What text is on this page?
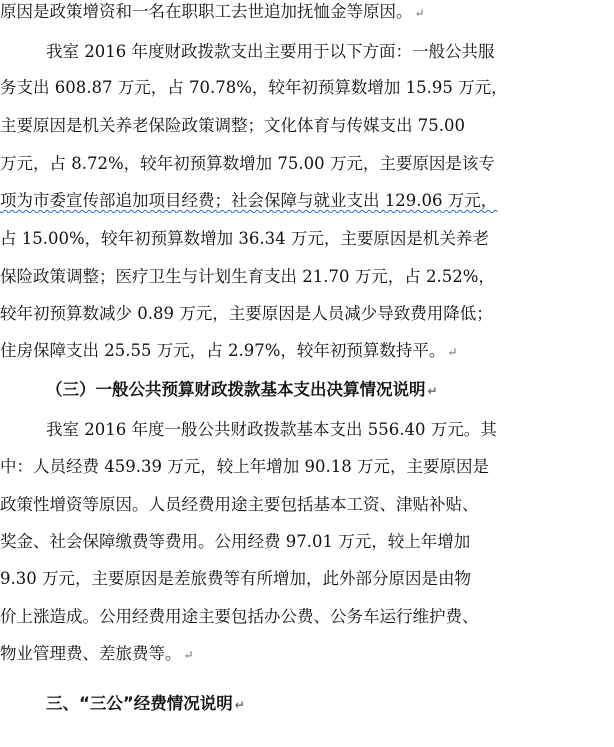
原因是政策增资和一名在职职工去世追加抚恤金等原因。 ↵
我室 2016 年度财政拨款支出主要用于以下方面：一般公共服
务支出 608.87 万元，占 70.78%，较年初预算数增加 15.95 万元，
主要原因是机关养老保险政策调整；文化体育与传媒支出 75.00
万元，占 8.72%，较年初预算数增加 75.00 万元，主要原因是该专
项为市委宣传部追加项目经费；社会保障与就业支出 129.06 万元，
占 15.00%，较年初预算数增加 36.34 万元，主要原因是机关养老
保险政策调整；医疗卫生与计划生育支出 21.70 万元，占 2.52%，
较年初预算数减少 0.89 万元，主要原因是人员减少导致费用降低；
住房保障支出 25.55 万元，占 2.97%，较年初预算数持平。 ↵
（三）一般公共预算财政拨款基本支出决算情况说明 ↵
我室 2016 年度一般公共财政拨款基本支出 556.40 万元。其
中：人员经费 459.39 万元，较上年增加 90.18 万元，主要原因是
政策性增资等原因。人员经费用途主要包括基本工资、津贴补贴、
奖金、社会保障缴费等费用。公用经费 97.01 万元，较上年增加
9.30 万元，主要原因是差旅费等有所增加，此外部分原因是由物
价上涨造成。公用经费用途主要包括办公费、公务车运行维护费、
物业管理费、差旅费等。 ↵
三、“三公”经费情况说明 ↵
